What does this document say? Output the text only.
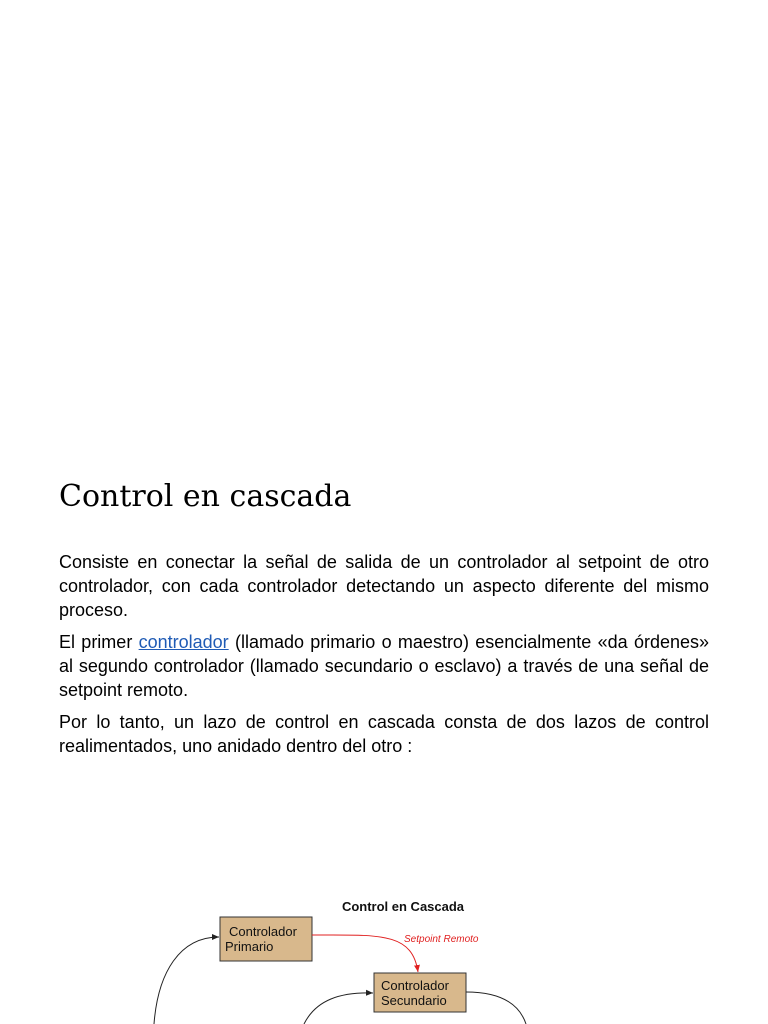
Control en cascada

Consiste en conectar la señal de salida de un controlador al setpoint de otro controlador, con cada controlador detectando un aspecto diferente del mismo proceso.

El primer controlador (llamado primario o maestro) esencialmente «da órdenes» al segundo controlador (llamado secundario o esclavo) a través de una señal de setpoint remoto.

Por lo tanto, un lazo de control en cascada consta de dos lazos de control realimentados, uno anidado dentro del otro :

Control en Cascada
Controlador
Primario	Setpoint Remoto
Controlador
Secundario
